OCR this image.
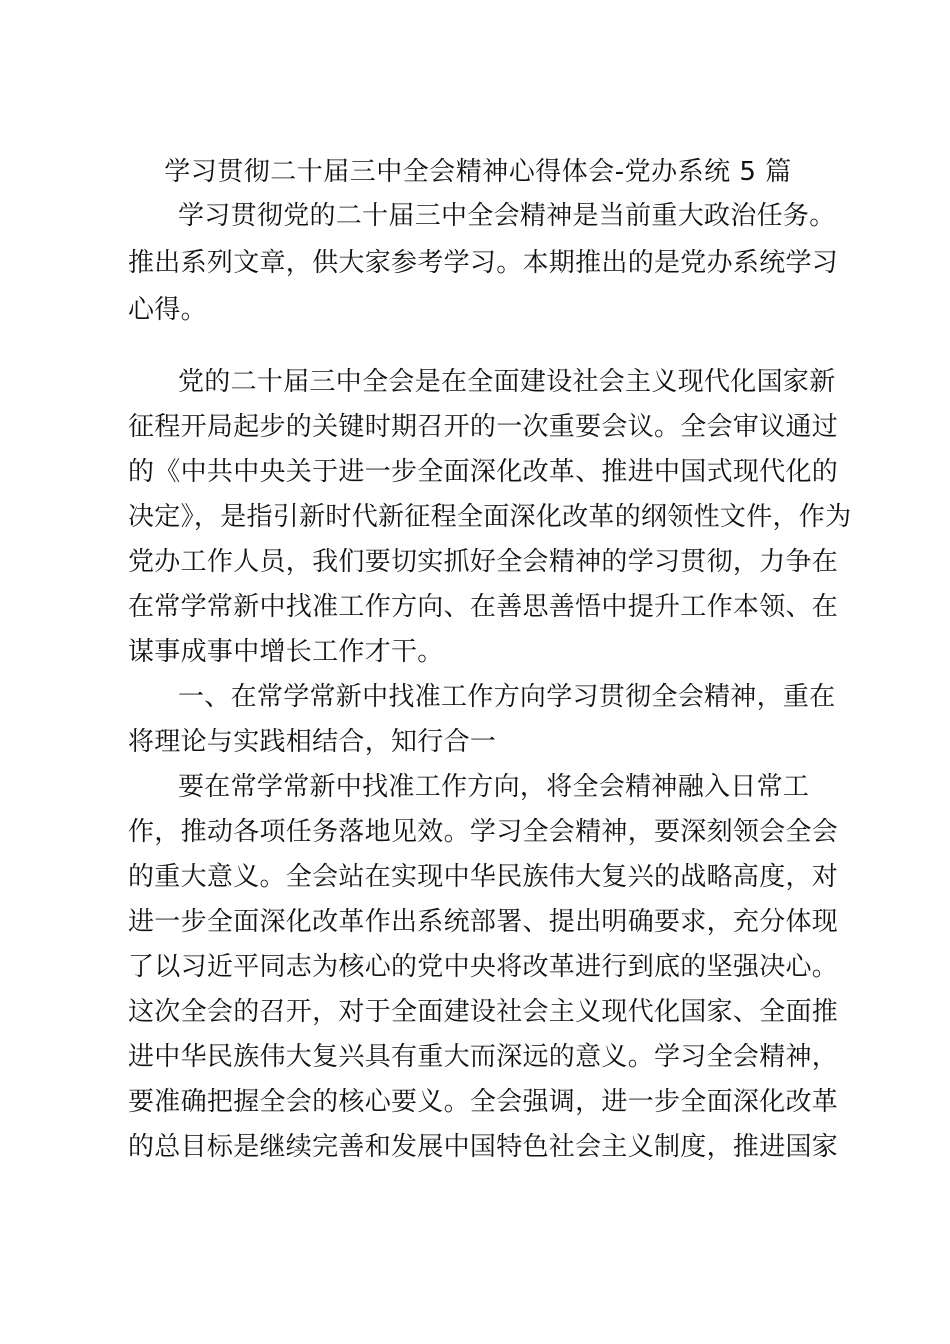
学习贯彻二十届三中全会精神心得体会-党办系统 5 篇
学习贯彻党的二十届三中全会精神是当前重大政治任务。
推出系列文章，供大家参考学习。本期推出的是党办系统学习
心得。
党的二十届三中全会是在全面建设社会主义现代化国家新
征程开局起步的关键时期召开的一次重要会议。全会审议通过
的《中共中央关于进一步全面深化改革、推进中国式现代化的
决定》，是指引新时代新征程全面深化改革的纲领性文件，作为
党办工作人员，我们要切实抓好全会精神的学习贯彻，力争在
在常学常新中找准工作方向、在善思善悟中提升工作本领、在
谋事成事中增长工作才干。
一、在常学常新中找准工作方向学习贯彻全会精神，重在
将理论与实践相结合，知行合一
要在常学常新中找准工作方向，将全会精神融入日常工
作，推动各项任务落地见效。学习全会精神，要深刻领会全会
的重大意义。全会站在实现中华民族伟大复兴的战略高度，对
进一步全面深化改革作出系统部署、提出明确要求，充分体现
了以习近平同志为核心的党中央将改革进行到底的坚强决心。
这次全会的召开，对于全面建设社会主义现代化国家、全面推
进中华民族伟大复兴具有重大而深远的意义。学习全会精神，
要准确把握全会的核心要义。全会强调，进一步全面深化改革
的总目标是继续完善和发展中国特色社会主义制度，推进国家
